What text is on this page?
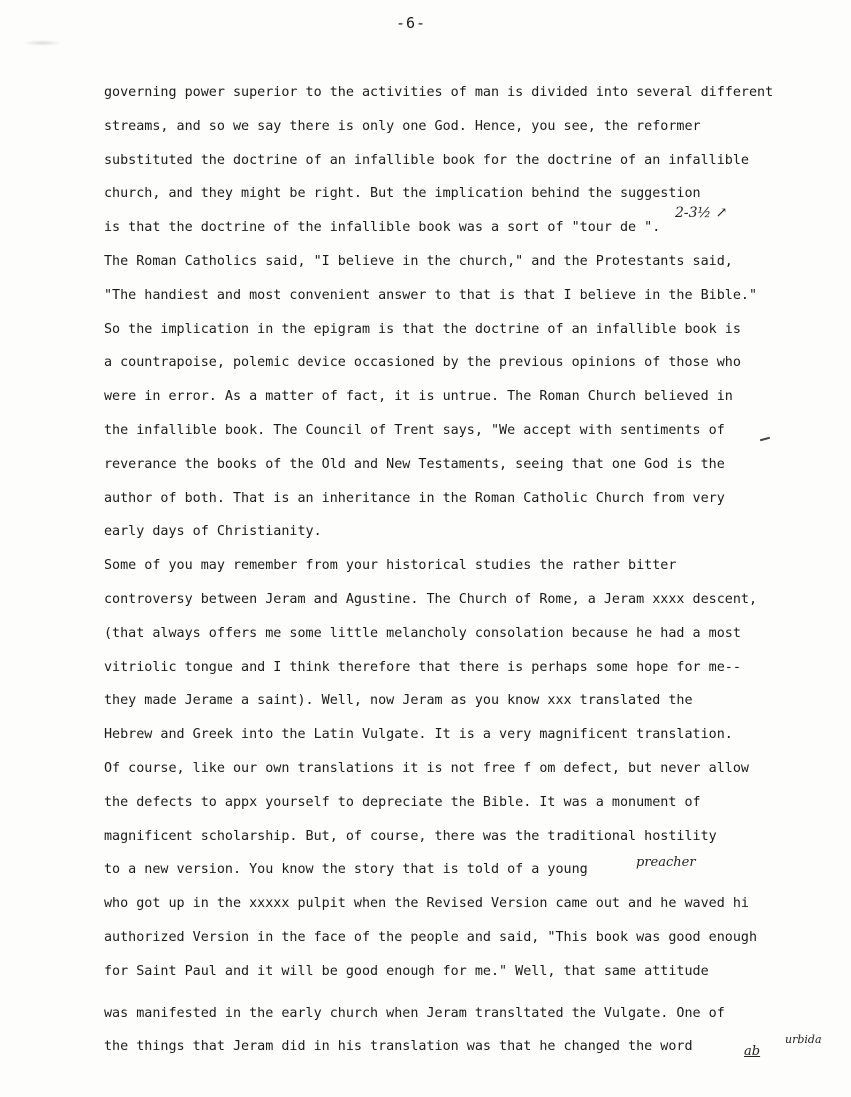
-6-
governing power superior to the activities of man is divided into several different
streams, and so we say there is only one God. Hence, you see, the reformer
substituted the doctrine of an infallible book for the doctrine of an infallible
church, and they might be right. But the implication behind the suggestion
is that the doctrine of the infallible book was a sort of "tour de ".
The Roman Catholics said, "I believe in the church," and the Protestants said,
"The handiest and most convenient answer to that is that I believe in the Bible."
So the implication in the epigram is that the doctrine of an infallible book is
a countrapoise, polemic device occasioned by the previous opinions of those who
were in error. As a matter of fact, it is untrue. The Roman Church believed in
the infallible book. The Council of Trent says, "We accept with sentiments of
reverance the books of the Old and New Testaments, seeing that one God is the
author of both. That is an inheritance in the Roman Catholic Church from very
early days of Christianity.
Some of you may remember from your historical studies the rather bitter
controversy between Jeram and Agustine. The Church of Rome, a Jeram xxxx descent,
(that always offers me some little melancholy consolation because he had a most
vitriolic tongue and I think therefore that there is perhaps some hope for me--
they made Jerame a saint). Well, now Jeram as you know xxx translated the
Hebrew and Greek into the Latin Vulgate. It is a very magnificent translation.
Of course, like our own translations it is not free f om defect, but never allow
the defects to appx yourself to depreciate the Bible. It was a monument of
magnificent scholarship. But, of course, there was the traditional hostility
to a new version. You know the story that is told of a young
who got up in the xxxxx pulpit when the Revised Version came out and he waved hi
authorized Version in the face of the people and said, "This book was good enough
for Saint Paul and it will be good enough for me." Well, that same attitude
was manifested in the early church when Jeram transltated the Vulgate. One of
the things that Jeram did in his translation was that he changed the word
2-3½ ↗
preacher
ab
urbida
